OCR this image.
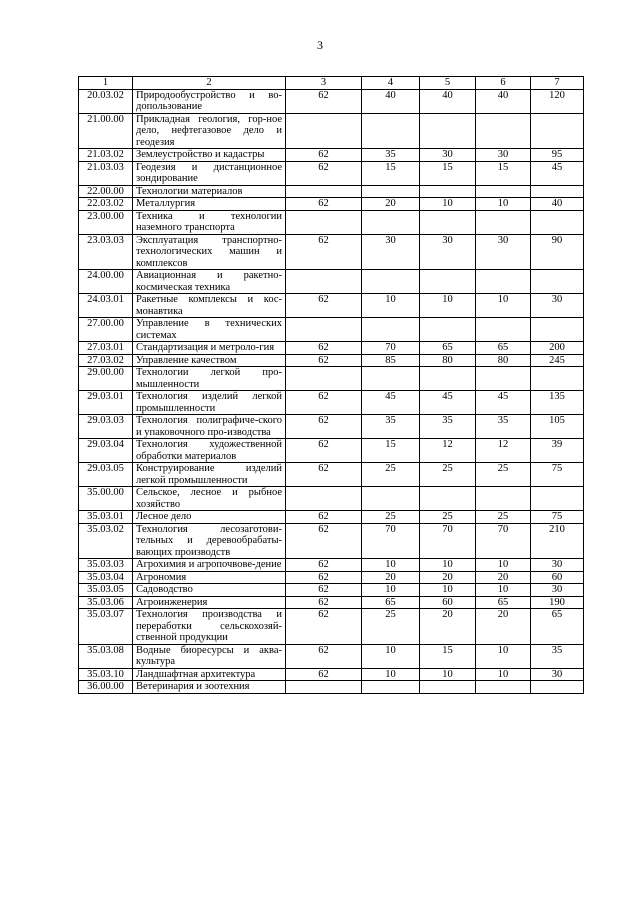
3
1	2	3	4	5	6	7
20.03.02	Природообустройство и во-допользование	62	40	40	40	120
21.00.00	Прикладная геология, гор-ное дело, нефтегазовое дело и геодезия					
21.03.02	Землеустройство и кадастры	62	35	30	30	95
21.03.03	Геодезия и дистанционное зондирование	62	15	15	15	45
22.00.00	Технологии материалов					
22.03.02	Металлургия	62	20	10	10	40
23.00.00	Техника и технологии наземного транспорта					
23.03.03	Эксплуатация транспортно-технологических машин и комплексов	62	30	30	30	90
24.00.00	Авиационная и ракетно-космическая техника					
24.03.01	Ракетные комплексы и кос-монавтика	62	10	10	10	30
27.00.00	Управление в технических системах					
27.03.01	Стандартизация и метроло-гия	62	70	65	65	200
27.03.02	Управление качеством	62	85	80	80	245
29.00.00	Технологии легкой про-мышленности					
29.03.01	Технология изделий легкой промышленности	62	45	45	45	135
29.03.03	Технология полиграфиче-ского и упаковочного про-изводства	62	35	35	35	105
29.03.04	Технология художественной обработки материалов	62	15	12	12	39
29.03.05	Конструирование изделий легкой промышленности	62	25	25	25	75
35.00.00	Сельское, лесное и рыбное хозяйство					
35.03.01	Лесное дело	62	25	25	25	75
35.03.02	Технология лесозаготови-тельных и деревообрабаты-вающих производств	62	70	70	70	210
35.03.03	Агрохимия и агропочвове-дение	62	10	10	10	30
35.03.04	Агрономия	62	20	20	20	60
35.03.05	Садоводство	62	10	10	10	30
35.03.06	Агроинженерия	62	65	60	65	190
35.03.07	Технология производства и переработки сельскохозяй-ственной продукции	62	25	20	20	65
35.03.08	Водные биоресурсы и аква-культура	62	10	15	10	35
35.03.10	Ландшафтная архитектура	62	10	10	10	30
36.00.00	Ветеринария и зоотехния					
